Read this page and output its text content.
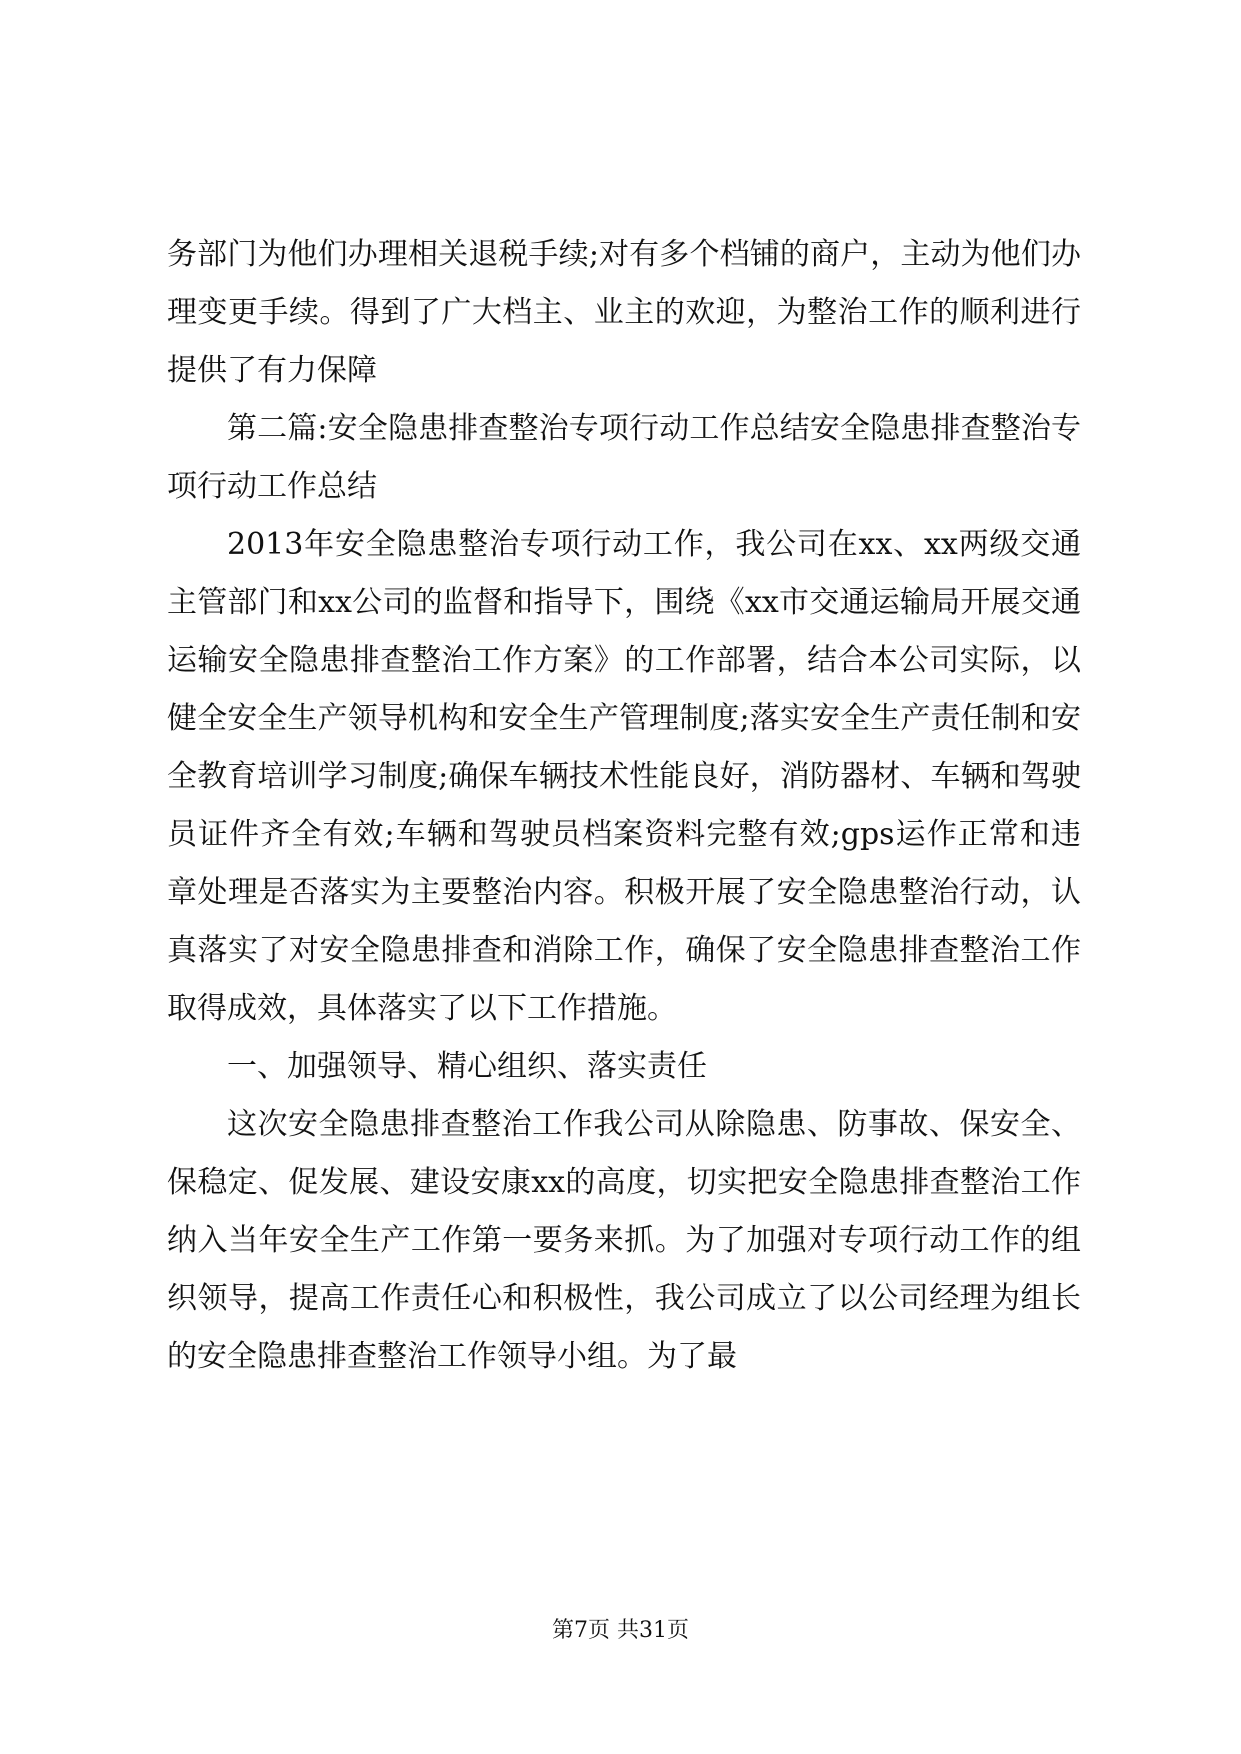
务部门为他们办理相关退税手续;对有多个档铺的商户，主动为他们办理变更手续。得到了广大档主、业主的欢迎，为整治工作的顺利进行提供了有力保障

第二篇:安全隐患排查整治专项行动工作总结安全隐患排查整治专项行动工作总结

2013年安全隐患整治专项行动工作，我公司在xx、xx两级交通主管部门和xx公司的监督和指导下，围绕《xx市交通运输局开展交通运输安全隐患排查整治工作方案》的工作部署，结合本公司实际，以健全安全生产领导机构和安全生产管理制度;落实安全生产责任制和安全教育培训学习制度;确保车辆技术性能良好，消防器材、车辆和驾驶员证件齐全有效;车辆和驾驶员档案资料完整有效;gps运作正常和违章处理是否落实为主要整治内容。积极开展了安全隐患整治行动，认真落实了对安全隐患排查和消除工作，确保了安全隐患排查整治工作取得成效，具体落实了以下工作措施。

一、加强领导、精心组织、落实责任

这次安全隐患排查整治工作我公司从除隐患、防事故、保安全、保稳定、促发展、建设安康xx的高度，切实把安全隐患排查整治工作纳入当年安全生产工作第一要务来抓。为了加强对专项行动工作的组织领导，提高工作责任心和积极性，我公司成立了以公司经理为组长的安全隐患排查整治工作领导小组。为了最

第7页 共31页
